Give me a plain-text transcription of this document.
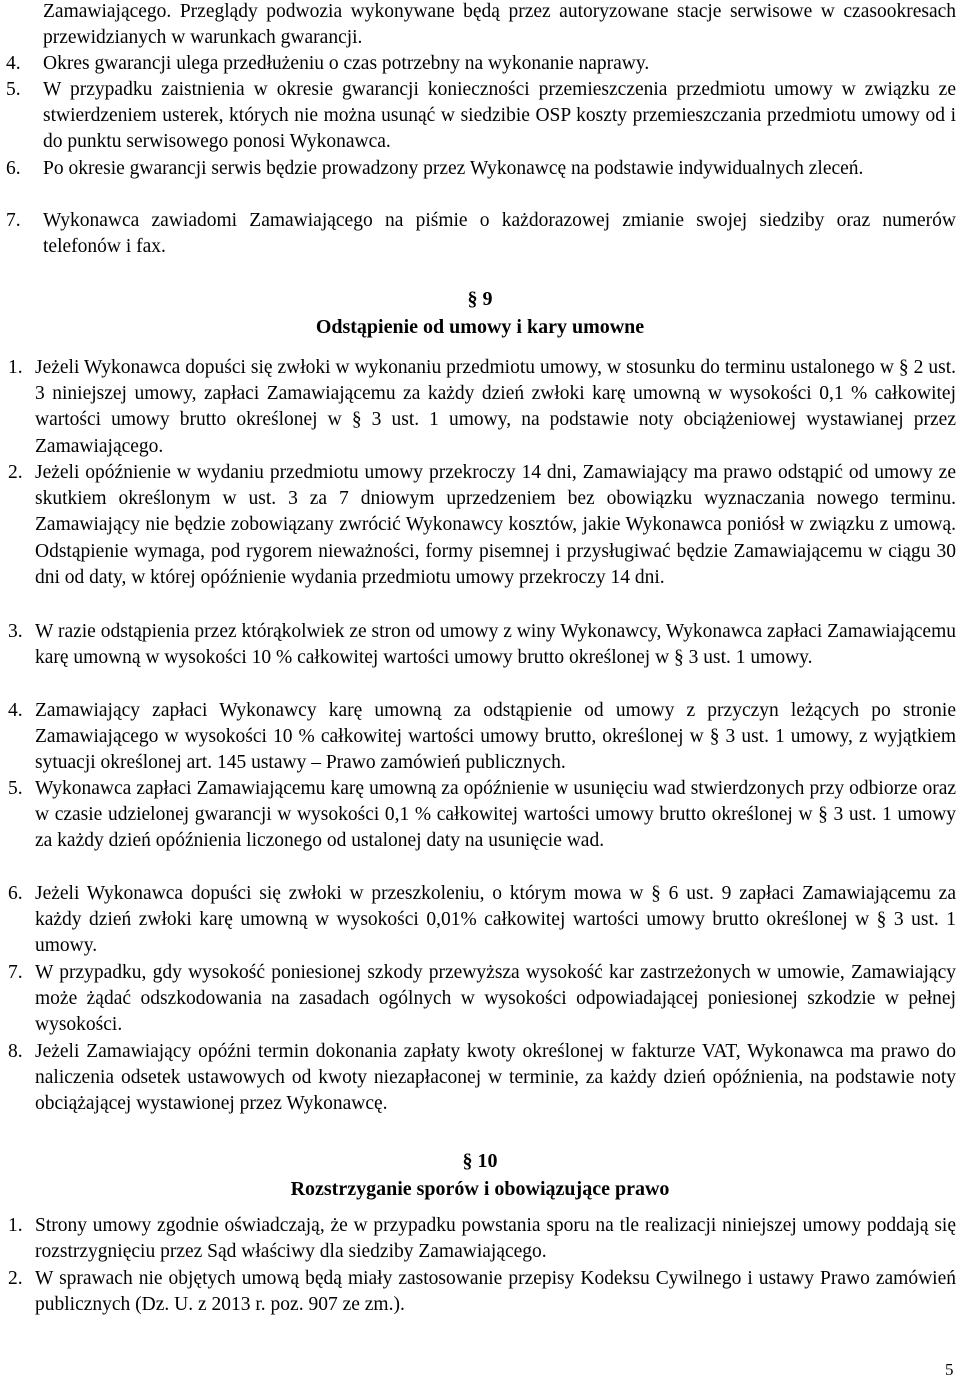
Zamawiającego. Przeglądy podwozia wykonywane będą przez autoryzowane stacje serwisowe w czasookresach przewidzianych w warunkach gwarancji.
4. Okres gwarancji ulega przedłużeniu o czas potrzebny na wykonanie naprawy.
5. W przypadku zaistnienia w okresie gwarancji konieczności przemieszczenia przedmiotu umowy w związku ze stwierdzeniem usterek, których nie można usunąć w siedzibie OSP koszty przemieszczania przedmiotu umowy od i do punktu serwisowego ponosi Wykonawca.
6. Po okresie gwarancji serwis będzie prowadzony przez Wykonawcę na podstawie indywidualnych zleceń.
7. Wykonawca zawiadomi Zamawiającego na piśmie o każdorazowej zmianie swojej siedziby oraz numerów telefonów i fax.
§ 9
Odstąpienie od umowy i kary umowne
1. Jeżeli Wykonawca dopuści się zwłoki w wykonaniu przedmiotu umowy, w stosunku do terminu ustalonego w § 2 ust. 3 niniejszej umowy, zapłaci Zamawiającemu za każdy dzień zwłoki karę umowną w wysokości 0,1 % całkowitej wartości umowy brutto określonej w § 3 ust. 1 umowy, na podstawie noty obciążeniowej wystawianej przez Zamawiającego.
2. Jeżeli opóźnienie w wydaniu przedmiotu umowy przekroczy 14 dni, Zamawiający ma prawo odstąpić od umowy ze skutkiem określonym w ust. 3 za 7 dniowym uprzedzeniem bez obowiązku wyznaczania nowego terminu. Zamawiający nie będzie zobowiązany zwrócić Wykonawcy kosztów, jakie Wykonawca poniósł w związku z umową. Odstąpienie wymaga, pod rygorem nieważności, formy pisemnej i przysługiwać będzie Zamawiającemu w ciągu 30 dni od daty, w której opóźnienie wydania przedmiotu umowy przekroczy 14 dni.
3. W razie odstąpienia przez którąkolwiek ze stron od umowy z winy Wykonawcy, Wykonawca zapłaci Zamawiającemu karę umowną w wysokości 10 % całkowitej wartości umowy brutto określonej w § 3 ust. 1 umowy.
4. Zamawiający zapłaci Wykonawcy karę umowną za odstąpienie od umowy z przyczyn leżących po stronie Zamawiającego w wysokości 10 % całkowitej wartości umowy brutto, określonej w § 3 ust. 1 umowy, z wyjątkiem sytuacji określonej art. 145 ustawy – Prawo zamówień publicznych.
5. Wykonawca zapłaci Zamawiającemu karę umowną za opóźnienie w usunięciu wad stwierdzonych przy odbiorze oraz w czasie udzielonej gwarancji w wysokości 0,1 % całkowitej wartości umowy brutto określonej w § 3 ust. 1 umowy za każdy dzień opóźnienia liczonego od ustalonej daty na usunięcie wad.
6. Jeżeli Wykonawca dopuści się zwłoki w przeszkoleniu, o którym mowa w § 6 ust. 9 zapłaci Zamawiającemu za każdy dzień zwłoki karę umowną w wysokości 0,01% całkowitej wartości umowy brutto określonej w § 3 ust. 1 umowy.
7. W przypadku, gdy wysokość poniesionej szkody przewyższa wysokość kar zastrzeżonych w umowie, Zamawiający może żądać odszkodowania na zasadach ogólnych w wysokości odpowiadającej poniesionej szkodzie w pełnej wysokości.
8. Jeżeli Zamawiający opóźni termin dokonania zapłaty kwoty określonej w fakturze VAT, Wykonawca ma prawo do naliczenia odsetek ustawowych od kwoty niezapłaconej w terminie, za każdy dzień opóźnienia, na podstawie noty obciążającej wystawionej przez Wykonawcę.
§ 10
Rozstrzyganie sporów i obowiązujące prawo
1. Strony umowy zgodnie oświadczają, że w przypadku powstania sporu na tle realizacji niniejszej umowy poddają się rozstrzygnięciu przez Sąd właściwy dla siedziby Zamawiającego.
2. W sprawach nie objętych umową będą miały zastosowanie przepisy Kodeksu Cywilnego i ustawy Prawo zamówień publicznych (Dz. U. z 2013 r. poz. 907 ze zm.).
5
